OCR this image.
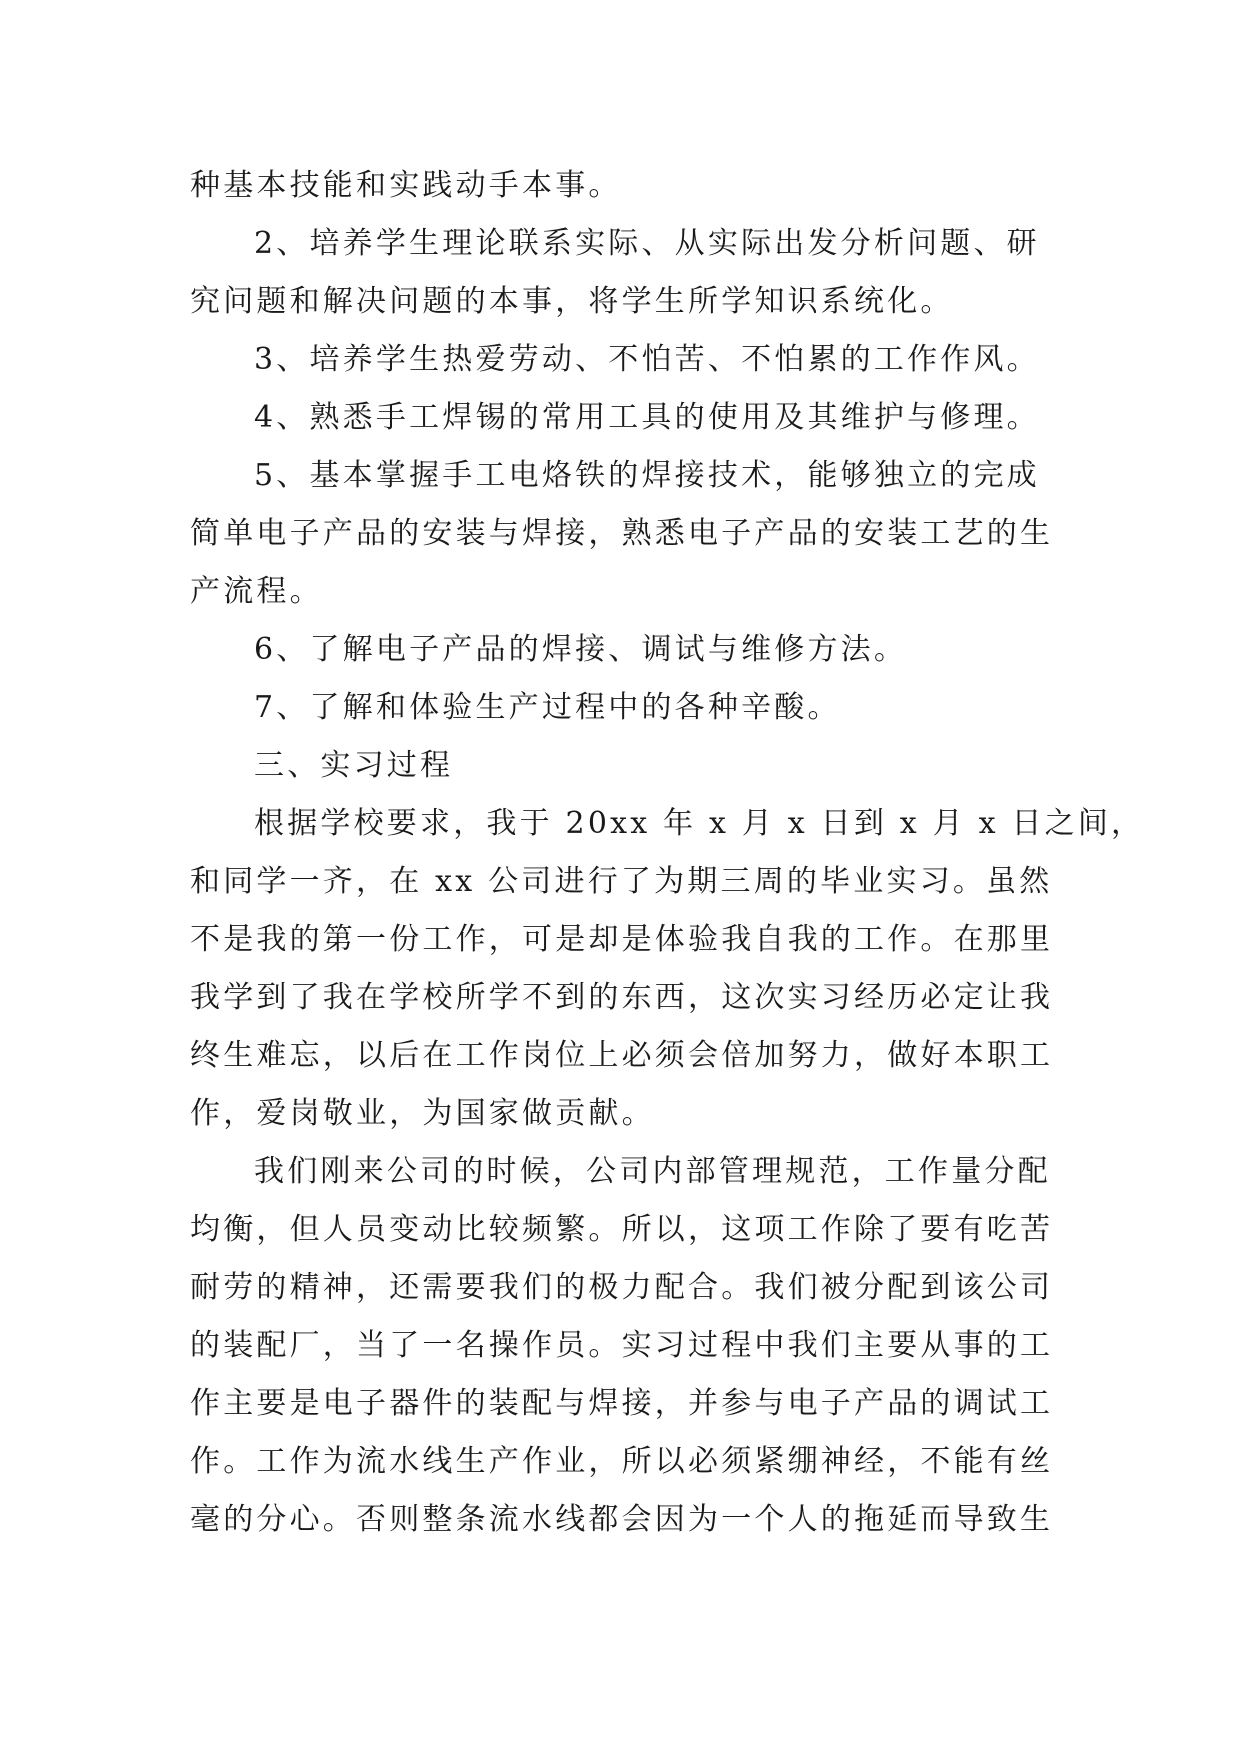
种基本技能和实践动手本事。
2、培养学生理论联系实际、从实际出发分析问题、研
究问题和解决问题的本事，将学生所学知识系统化。
3、培养学生热爱劳动、不怕苦、不怕累的工作作风。
4、熟悉手工焊锡的常用工具的使用及其维护与修理。
5、基本掌握手工电烙铁的焊接技术，能够独立的完成
简单电子产品的安装与焊接，熟悉电子产品的安装工艺的生
产流程。
6、了解电子产品的焊接、调试与维修方法。
7、了解和体验生产过程中的各种辛酸。
三、实习过程
根据学校要求，我于 20xx 年 x 月 x 日到 x 月 x 日之间，
和同学一齐，在 xx 公司进行了为期三周的毕业实习。虽然
不是我的第一份工作，可是却是体验我自我的工作。在那里
我学到了我在学校所学不到的东西，这次实习经历必定让我
终生难忘，以后在工作岗位上必须会倍加努力，做好本职工
作，爱岗敬业，为国家做贡献。
我们刚来公司的时候，公司内部管理规范，工作量分配
均衡，但人员变动比较频繁。所以，这项工作除了要有吃苦
耐劳的精神，还需要我们的极力配合。我们被分配到该公司
的装配厂，当了一名操作员。实习过程中我们主要从事的工
作主要是电子器件的装配与焊接，并参与电子产品的调试工
作。工作为流水线生产作业，所以必须紧绷神经，不能有丝
毫的分心。否则整条流水线都会因为一个人的拖延而导致生
